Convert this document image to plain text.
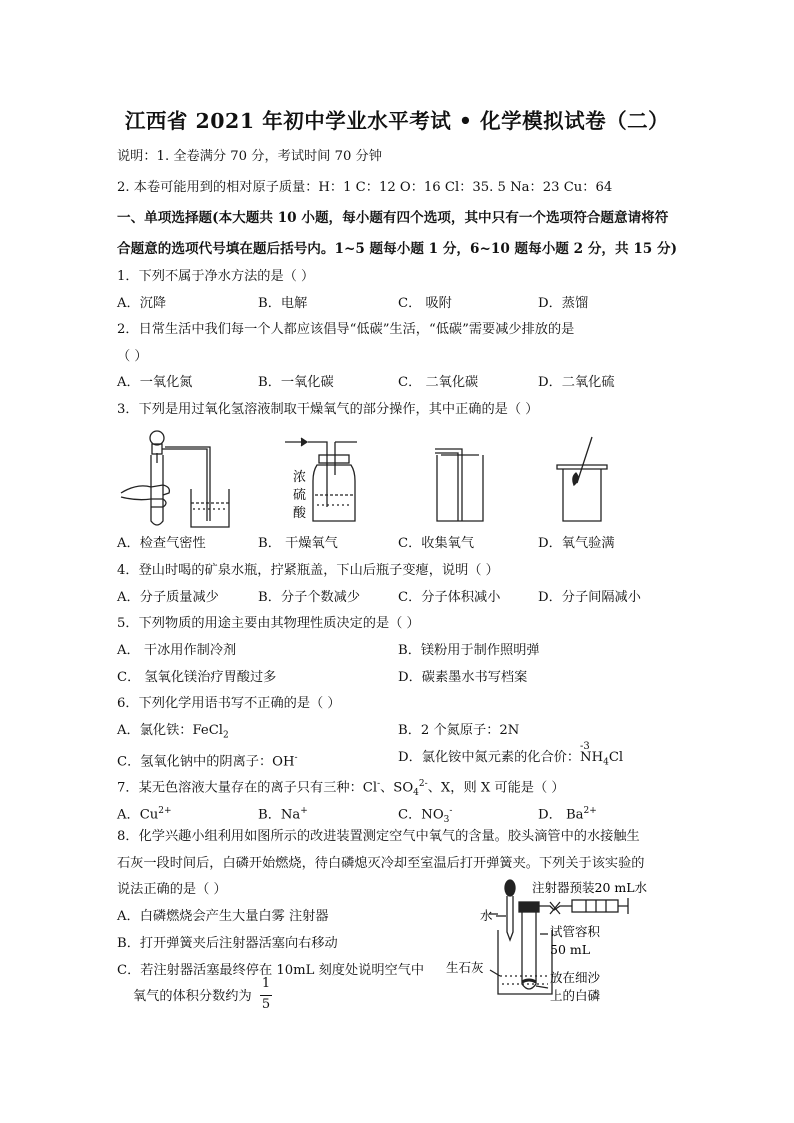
江西省 2021 年初中学业水平考试 • 化学模拟试卷（二）
说明：1. 全卷满分 70 分，考试时间 70 分钟
2. 本卷可能用到的相对原子质量：H：1 C：12 O：16 Cl：35. 5 Na：23 Cu：64
一、单项选择题(本大题共 10 小题，每小题有四个选项，其中只有一个选项符合题意请将符
合题意的选项代号填在题后括号内。1~5 题每小题 1 分，6~10 题每小题 2 分，共 15 分)
1．下列不属于净水方法的是（ ）
A．沉降	B．电解	C． 吸附	D．蒸馏
2．日常生活中我们每一个人都应该倡导“低碳”生活，“低碳”需要减少排放的是
（ ）
A．一氧化氮	B．一氧化碳	C． 二氧化碳	D．二氧化硫
3．下列是用过氧化氢溶液制取干燥氧气的部分操作，其中正确的是（ ）
浓
硫
酸
A．检查气密性	B． 干燥氧气	C．收集氧气	D．氧气验满
4．登山时喝的矿泉水瓶，拧紧瓶盖，下山后瓶子变瘪，说明（ ）
A．分子质量减少	B．分子个数减少	C．分子体积减小	D．分子间隔减小
5．下列物质的用途主要由其物理性质决定的是（ ）
A． 干冰用作制冷剂	B．镁粉用于制作照明弹
C． 氢氧化镁治疗胃酸过多	D．碳素墨水书写档案
6．下列化学用语书写不正确的是（ ）
A．氯化铁：FeCl$_2$	B．2 个氮原子：2N
C．氢氧化钠中的阴离子：OH-	D．氯化铵中氮元素的化合价：
-3
$NH_4Cl$
7．某无色溶液大量存在的离子只有三种：Cl-、$SO_4^{2-}$、X，则 X 可能是（ ）
A．$Cu^{2+}$	B．Na+	C．$NO_3^-$	D． $Ba^{2+}$
8．化学兴趣小组利用如图所示的改进装置测定空气中氧气的含量。胶头滴管中的水接触生
石灰一段时间后，白磷开始燃烧，待白磷熄灭冷却至室温后打开弹簧夹。下列关于该实验的
说法正确的是（ ）
A．白磷燃烧会产生大量白雾 注射器
B．打开弹簧夹后注射器活塞向右移动
C．若注射器活塞最终停在 10mL 刻度处说明空气中
氧气的体积分数约为
1
5
注射器预装20 mL水
水
试管容积
50 mL
生石灰
放在细沙
上的白磷
